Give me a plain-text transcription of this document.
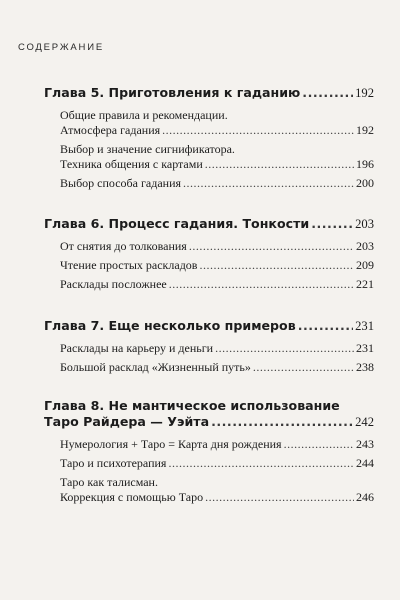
СОДЕРЖАНИЕ
Глава 5. Приготовления к гаданию .....	192
Общие правила и рекомендации.
Атмосфера гадания .....	192
Выбор и значение сигнификатора.
Техника общения с картами .....	196
Выбор способа гадания .....	200
Глава 6. Процесс гадания. Тонкости .....	203
От снятия до толкования .....	203
Чтение простых раскладов .....	209
Расклады посложнее .....	221
Глава 7. Еще несколько примеров .....	231
Расклады на карьеру и деньги .....	231
Большой расклад «Жизненный путь» .....	238
Глава 8. Не мантическое использование
Таро Райдера — Уэйта .....	242
Нумерология + Таро = Карта дня рождения .....	243
Таро и психотерапия .....	244
Таро как талисман.
Коррекция с помощью Таро .....	246
